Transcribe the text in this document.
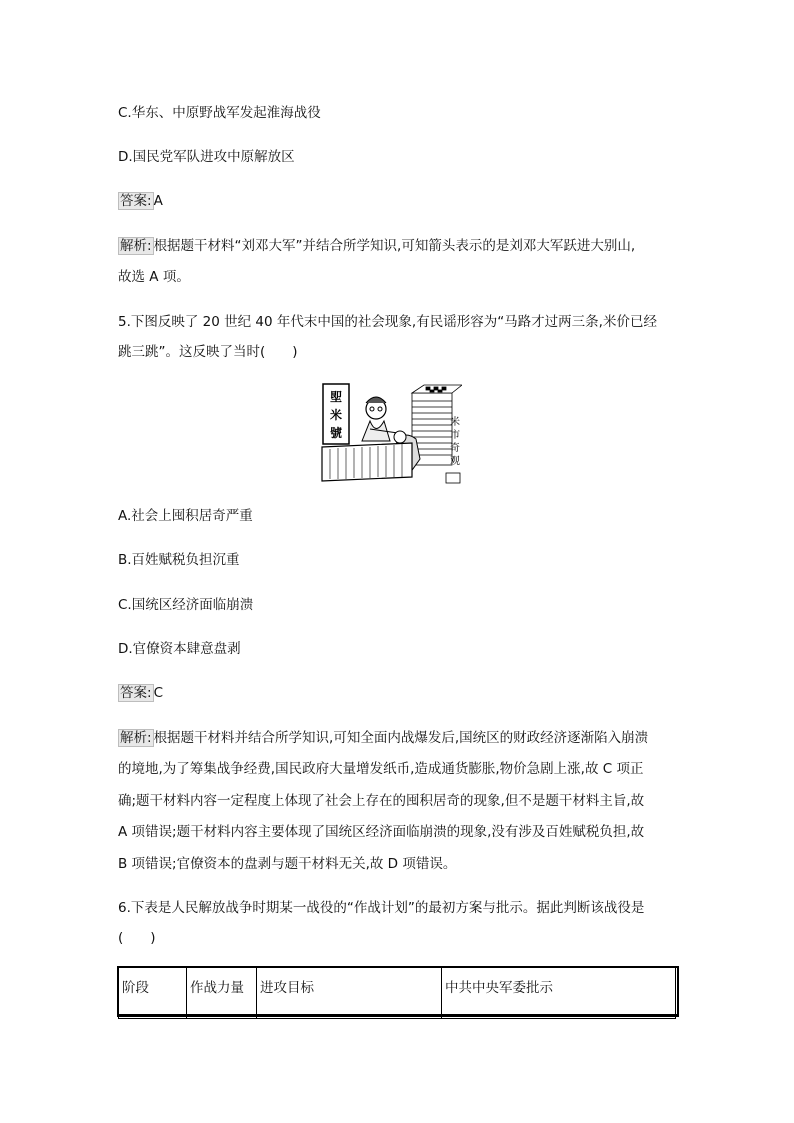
C.华东、中原野战军发起淮海战役
D.国民党军队进攻中原解放区
答案: A
解析: 根据题干材料“刘邓大军”并结合所学知识,可知箭头表示的是刘邓大军跃进大别山,
故选 A 项。
5.下图反映了 20 世纪 40 年代末中国的社会现象,有民谣形容为“马路才过两三条,米价已经
跳三跳”。这反映了当时(　　)
堲
米
號
米
市
奇
观
A.社会上囤积居奇严重
B.百姓赋税负担沉重
C.国统区经济面临崩溃
D.官僚资本肆意盘剥
答案: C
解析: 根据题干材料并结合所学知识,可知全面内战爆发后,国统区的财政经济逐渐陷入崩溃
的境地,为了筹集战争经费,国民政府大量增发纸币,造成通货膨胀,物价急剧上涨,故 C 项正
确;题干材料内容一定程度上体现了社会上存在的囤积居奇的现象,但不是题干材料主旨,故
A 项错误;题干材料内容主要体现了国统区经济面临崩溃的现象,没有涉及百姓赋税负担,故
B 项错误;官僚资本的盘剥与题干材料无关,故 D 项错误。
6.下表是人民解放战争时期某一战役的“作战计划”的最初方案与批示。据此判断该战役是
(　　)
阶段	作战力量	进攻目标	中共中央军委批示
